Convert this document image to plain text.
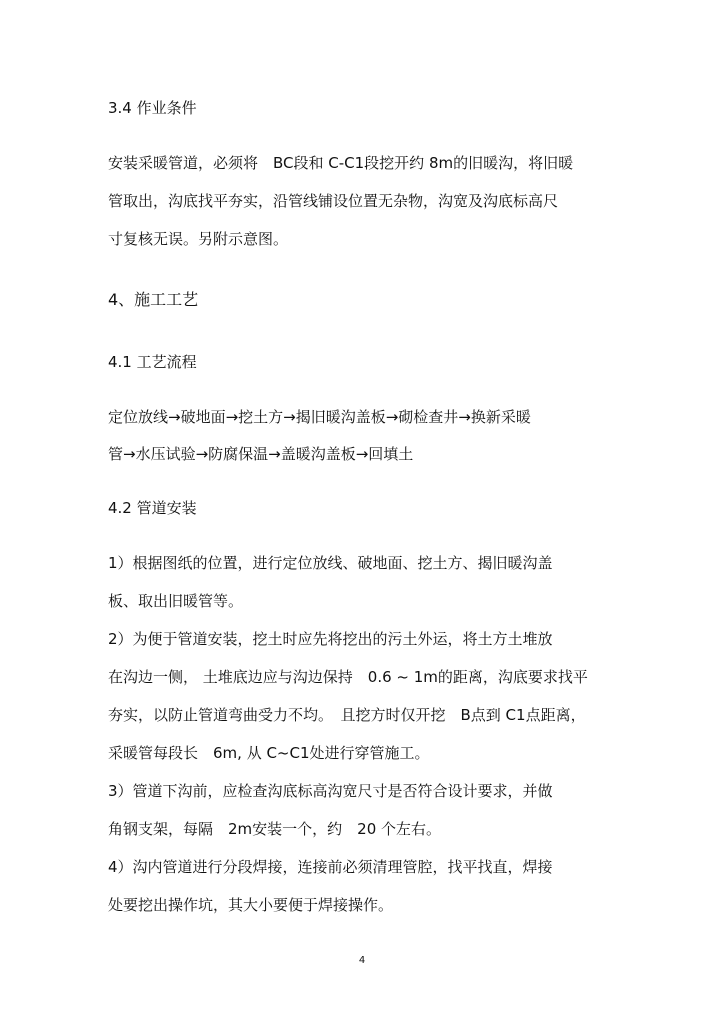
3.4 作业条件
安装采暖管道，必须将　BC段和 C-C1段挖开约 8m的旧暖沟，将旧暖
管取出，沟底找平夯实，沿管线铺设位置无杂物，沟宽及沟底标高尺
寸复核无误。另附示意图。
4、施工工艺
4.1 工艺流程
定位放线→破地面→挖土方→揭旧暖沟盖板→砌检查井→换新采暖
管→水压试验→防腐保温→盖暖沟盖板→回填土
4.2 管道安装
1）根据图纸的位置，进行定位放线、破地面、挖土方、揭旧暖沟盖
板、取出旧暖管等。
2）为便于管道安装，挖土时应先将挖出的污土外运，将土方土堆放
在沟边一侧， 土堆底边应与沟边保持　0.6 ~ 1m的距离，沟底要求找平
夯实，以防止管道弯曲受力不均。　且挖方时仅开挖　B点到 C1点距离，
采暖管每段长　6m, 从 C~C1处进行穿管施工。
3）管道下沟前，应检查沟底标高沟宽尺寸是否符合设计要求，并做
角钢支架，每隔　2m安装一个，约　20 个左右。
4）沟内管道进行分段焊接，连接前必须清理管腔，找平找直，焊接
处要挖出操作坑，其大小要便于焊接操作。
4
